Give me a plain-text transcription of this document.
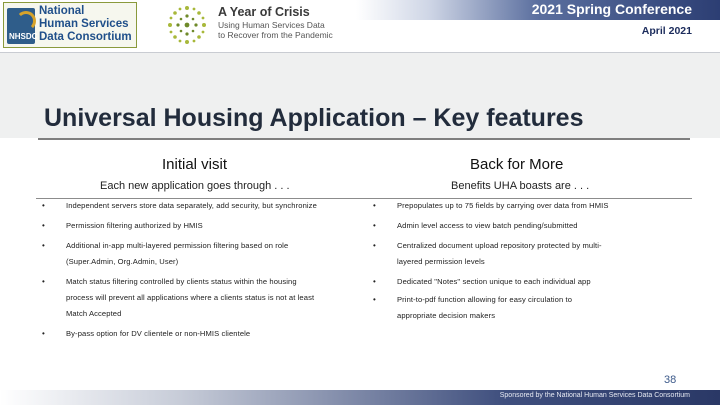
NHSDC
National
Human Services
Data Consortium
A Year of Crisis
Using Human Services Data
to Recover from the Pandemic
2021 Spring Conference
April 2021
Universal Housing Application – Key features
Initial visit
Each new application goes through . . .
•	Independent servers store data separately, add security, but synchronize
•	Permission filtering authorized by HMIS
•	Additional in-app multi-layered permission filtering based on role
(Super.Admin, Org.Admin, User)
•	Match status filtering controlled by clients status within the housing
process will prevent all applications where a clients status is not at least
Match Accepted
•	By-pass option for DV clientele or non-HMIS clientele
Back for More
Benefits UHA boasts are . . .
•	Prepopulates up to 75 fields by carrying over data from HMIS
•	Admin level access to view batch pending/submitted
•	Centralized document upload repository protected by multi-
layered permission levels
•	Dedicated "Notes" section unique to each individual app
•	Print-to-pdf function allowing for easy circulation to
appropriate decision makers
38
Sponsored by the National Human Services Data Consortium
